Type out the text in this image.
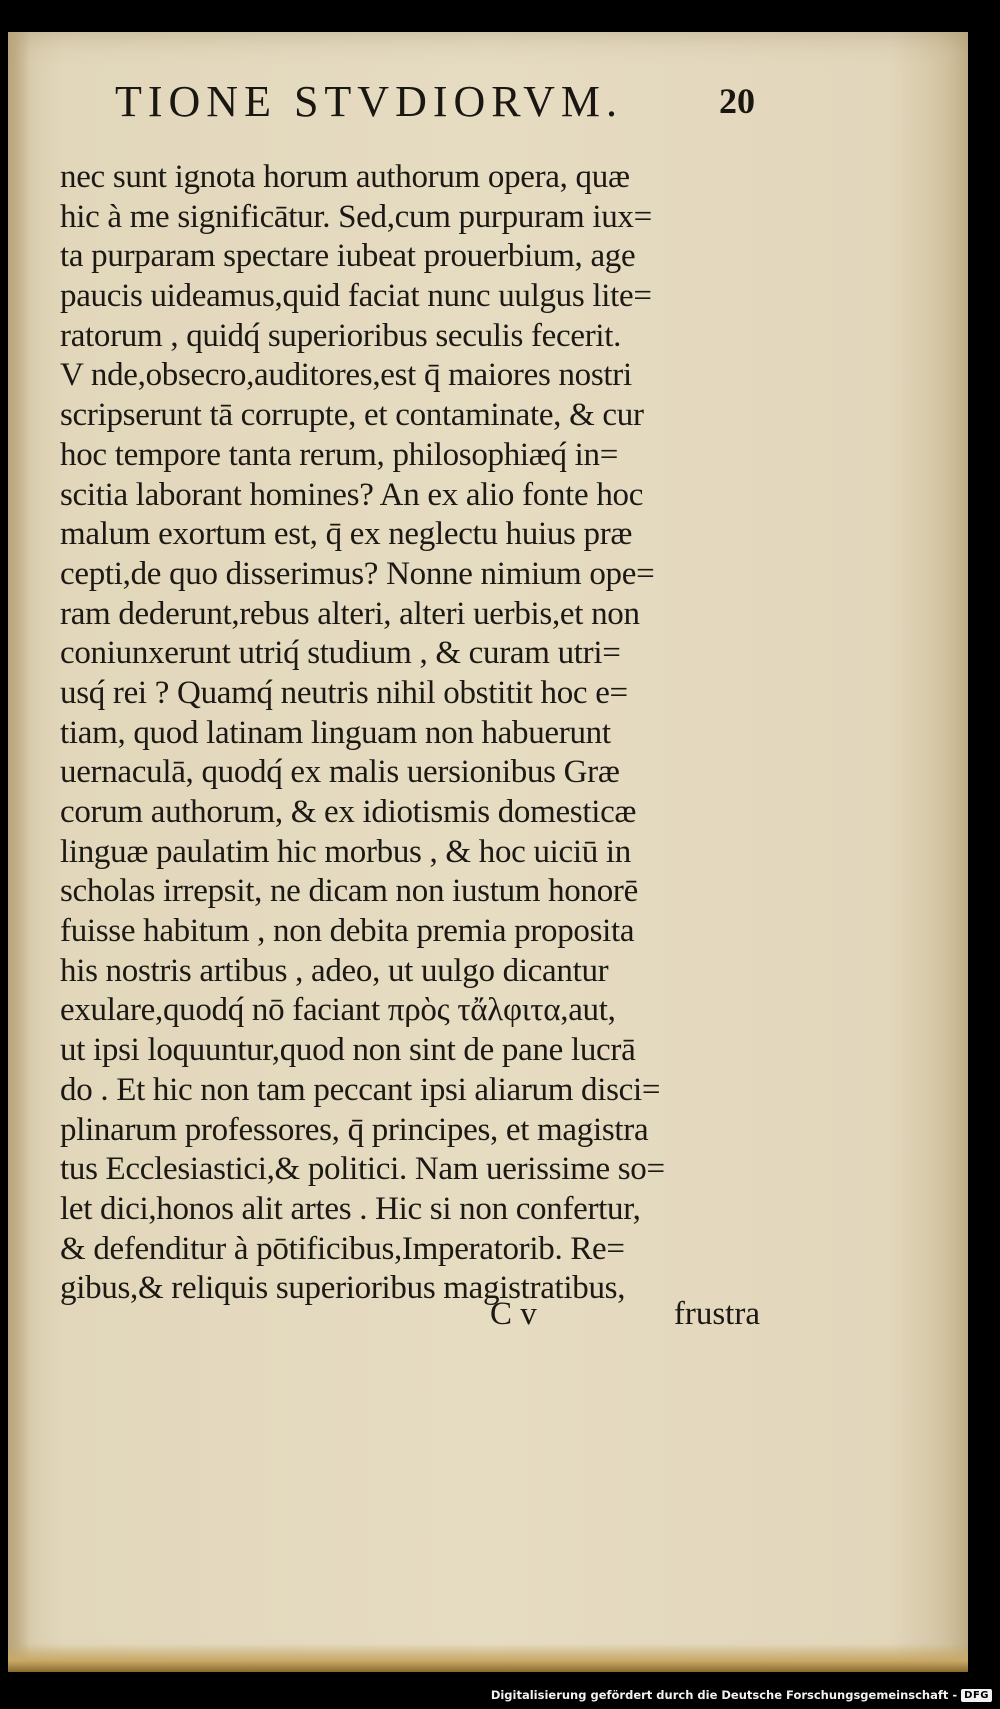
TIONE STVDIORVM.	20
nec sunt ignota horum authorum opera, quæ
hic à me significātur. Sed,cum purpuram iux=
ta purparam spectare iubeat prouerbium, age
paucis uideamus,quid faciat nunc uulgus lite=
ratorum , quidq́ superioribus seculis fecerit.
V nde,obsecro,auditores,est q̄ maiores nostri
scripserunt tā corrupte, et contaminate, & cur
hoc tempore tanta rerum, philosophiæq́ in=
scitia laborant homines? An ex alio fonte hoc
malum exortum est, q̄ ex neglectu huius præ
cepti,de quo disserimus? Nonne nimium ope=
ram dederunt,rebus alteri, alteri uerbis,et non
coniunxerunt utriq́ studium , & curam utri=
usq́ rei ? Quamq́ neutris nihil obstitit hoc e=
tiam, quod latinam linguam non habuerunt
uernaculā, quodq́ ex malis uersionibus Græ
corum authorum, & ex idiotismis domesticæ
linguæ paulatim hic morbus , & hoc uiciū in
scholas irrepsit, ne dicam non iustum honorē
fuisse habitum , non debita premia proposita
his nostris artibus , adeo, ut uulgo dicantur
exulare,quodq́ nō faciant πρὸς τἄλφιτα,aut,
ut ipsi loquuntur,quod non sint de pane lucrā
do . Et hic non tam peccant ipsi aliarum disci=
plinarum professores, q̄ principes, et magistra
tus Ecclesiastici,& politici. Nam uerissime so=
let dici,honos alit artes . Hic si non confertur,
& defenditur à pōtificibus,Imperatorib. Re=
gibus,& reliquis superioribus magistratibus,
C v	frustra
Digitalisierung gefördert durch die Deutsche Forschungsgemeinschaft - DFG
